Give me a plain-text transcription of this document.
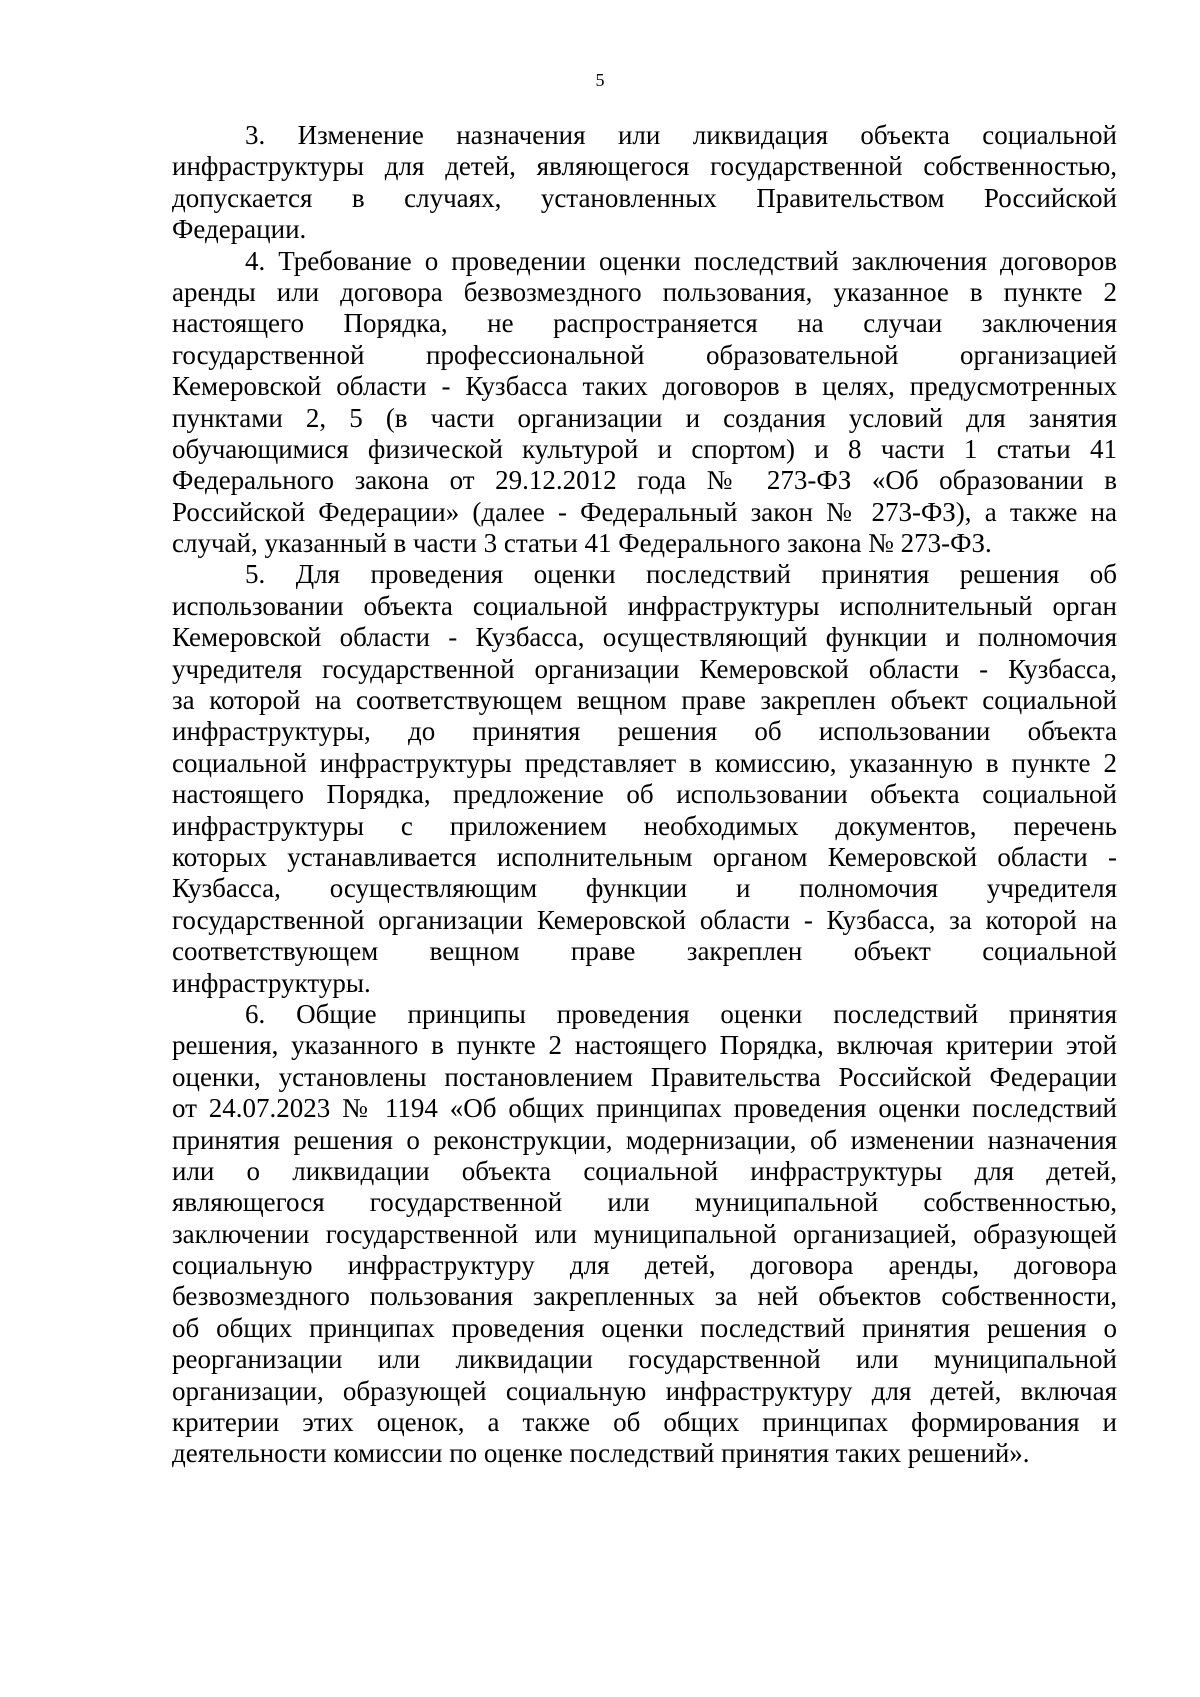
5
3. Изменение назначения или ликвидация объекта социальной
инфраструктуры для детей, являющегося государственной собственностью,
допускается в случаях, установленных Правительством Российской
Федерации.
4. Требование о проведении оценки последствий заключения договоров
аренды или договора безвозмездного пользования, указанное в пункте 2
настоящего Порядка, не распространяется на случаи заключения
государственной профессиональной образовательной организацией
Кемеровской области - Кузбасса таких договоров в целях, предусмотренных
пунктами 2, 5 (в части организации и создания условий для занятия
обучающимися физической культурой и спортом) и 8 части 1 статьи 41
Федерального закона от 29.12.2012 года № 273-ФЗ «Об образовании в
Российской Федерации» (далее - Федеральный закон № 273-ФЗ), а также на
случай, указанный в части 3 статьи 41 Федерального закона № 273-ФЗ.
5. Для проведения оценки последствий принятия решения об
использовании объекта социальной инфраструктуры исполнительный орган
Кемеровской области - Кузбасса, осуществляющий функции и полномочия
учредителя государственной организации Кемеровской области - Кузбасса,
за которой на соответствующем вещном праве закреплен объект социальной
инфраструктуры, до принятия решения об использовании объекта
социальной инфраструктуры представляет в комиссию, указанную в пункте 2
настоящего Порядка, предложение об использовании объекта социальной
инфраструктуры с приложением необходимых документов, перечень
которых устанавливается исполнительным органом Кемеровской области -
Кузбасса, осуществляющим функции и полномочия учредителя
государственной организации Кемеровской области - Кузбасса, за которой на
соответствующем вещном праве закреплен объект социальной
инфраструктуры.
6. Общие принципы проведения оценки последствий принятия
решения, указанного в пункте 2 настоящего Порядка, включая критерии этой
оценки, установлены постановлением Правительства Российской Федерации
от 24.07.2023 № 1194 «Об общих принципах проведения оценки последствий
принятия решения о реконструкции, модернизации, об изменении назначения
или о ликвидации объекта социальной инфраструктуры для детей,
являющегося государственной или муниципальной собственностью,
заключении государственной или муниципальной организацией, образующей
социальную инфраструктуру для детей, договора аренды, договора
безвозмездного пользования закрепленных за ней объектов собственности,
об общих принципах проведения оценки последствий принятия решения о
реорганизации или ликвидации государственной или муниципальной
организации, образующей социальную инфраструктуру для детей, включая
критерии этих оценок, а также об общих принципах формирования и
деятельности комиссии по оценке последствий принятия таких решений».
